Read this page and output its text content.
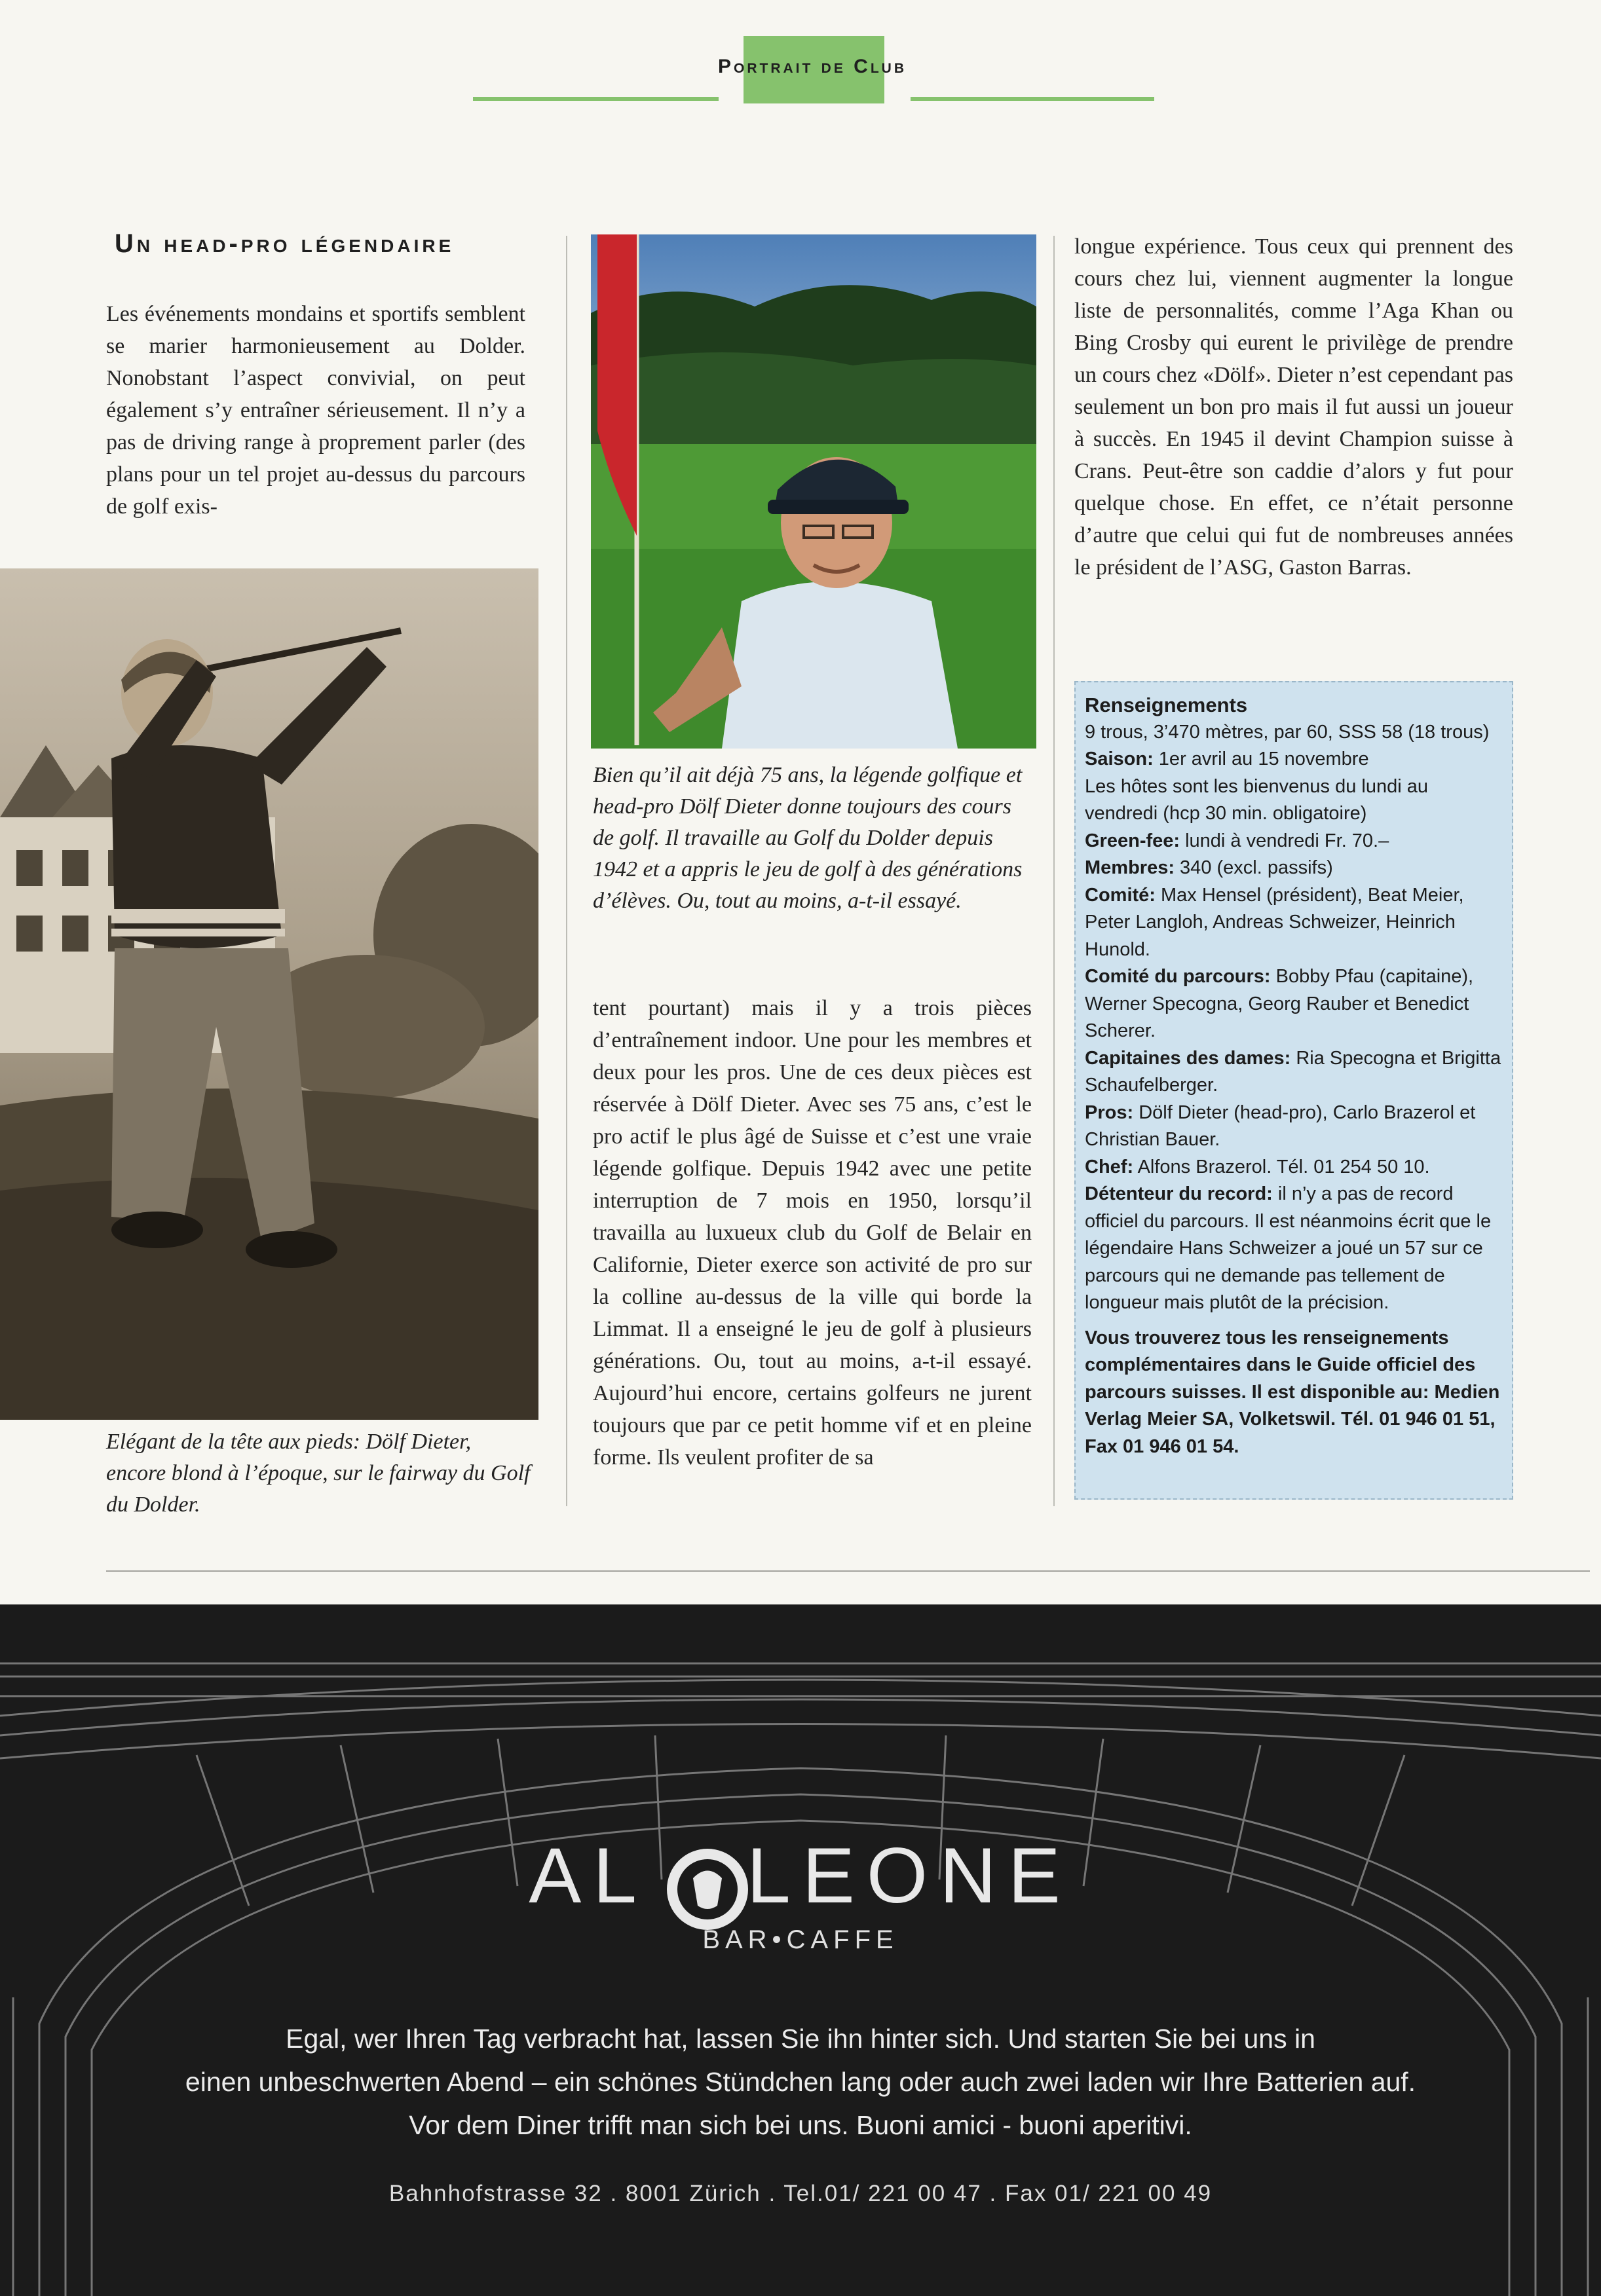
Portrait de Club
Un head-pro légendaire
Les événements mondains et sportifs semblent se marier harmonieusement au Dolder. Nonobstant l’aspect convivial, on peut également s’y entraîner sérieusement. Il n’y a pas de driving range à proprement parler (des plans pour un tel projet au-dessus du parcours de golf exis-
Elégant de la tête aux pieds: Dölf Dieter, encore blond à l’époque, sur le fairway du Golf du Dolder.
Bien qu’il ait déjà 75 ans, la légende golfique et head-pro Dölf Dieter donne toujours des cours de golf. Il travaille au Golf du Dolder depuis 1942 et a appris le jeu de golf à des générations d’élèves. Ou, tout au moins, a-t-il essayé.
tent pourtant) mais il y a trois pièces d’entraînement indoor. Une pour les membres et deux pour les pros. Une de ces deux pièces est réservée à Dölf Dieter. Avec ses 75 ans, c’est le pro actif le plus âgé de Suisse et c’est une vraie légende golfique. Depuis 1942 avec une petite interruption de 7 mois en 1950, lorsqu’il travailla au luxueux club du Golf de Belair en Californie, Dieter exerce son activité de pro sur la colline au-dessus de la ville qui borde la Limmat. Il a enseigné le jeu de golf à plusieurs générations. Ou, tout au moins, a-t-il essayé. Aujourd’hui encore, certains golfeurs ne jurent toujours que par ce petit homme vif et en pleine forme. Ils veulent profiter de sa
longue expérience. Tous ceux qui prennent des cours chez lui, viennent augmenter la longue liste de personnalités, comme l’Aga Khan ou Bing Crosby qui eurent le privilège de prendre un cours chez «Dölf». Dieter n’est cependant pas seulement un bon pro mais il fut aussi un joueur à succès. En 1945 il devint Champion suisse à Crans. Peut-être son caddie d’alors y fut pour quelque chose. En effet, ce n’était personne d’autre que celui qui fut de nombreuses années le président de l’ASG, Gaston Barras.
Renseignements
9 trous, 3’470 mètres, par 60, SSS 58 (18 trous)
Saison: 1er avril au 15 novembre
Les hôtes sont les bienvenus du lundi au vendredi (hcp 30 min. obligatoire)
Green-fee: lundi à vendredi Fr. 70.–
Membres: 340 (excl. passifs)
Comité: Max Hensel (président), Beat Meier, Peter Langloh, Andreas Schweizer, Heinrich Hunold.
Comité du parcours: Bobby Pfau (capitaine), Werner Specogna, Georg Rauber et Benedict Scherer.
Capitaines des dames: Ria Specogna et Brigitta Schaufelberger.
Pros: Dölf Dieter (head-pro), Carlo Brazerol et Christian Bauer.
Chef: Alfons Brazerol. Tél. 01 254 50 10.
Détenteur du record: il n’y a pas de record officiel du parcours. Il est néanmoins écrit que le légendaire Hans Schweizer a joué un 57 sur ce parcours qui ne demande pas tellement de longueur mais plutôt de la précision.
Vous trouverez tous les renseignements complémentaires dans le Guide officiel des parcours suisses. Il est disponible au: Medien Verlag Meier SA, Volketswil. Tél. 01 946 01 51, Fax 01 946 01 54.
AL LEONE
BAR•CAFFE
Egal, wer Ihren Tag verbracht hat, lassen Sie ihn hinter sich. Und starten Sie bei uns in
einen unbeschwerten Abend – ein schönes Stündchen lang oder auch zwei laden wir Ihre Batterien auf.
Vor dem Diner trifft man sich bei uns. Buoni amici - buoni aperitivi.
Bahnhofstrasse 32 . 8001 Zürich . Tel.01/ 221 00 47 . Fax 01/ 221 00 49
